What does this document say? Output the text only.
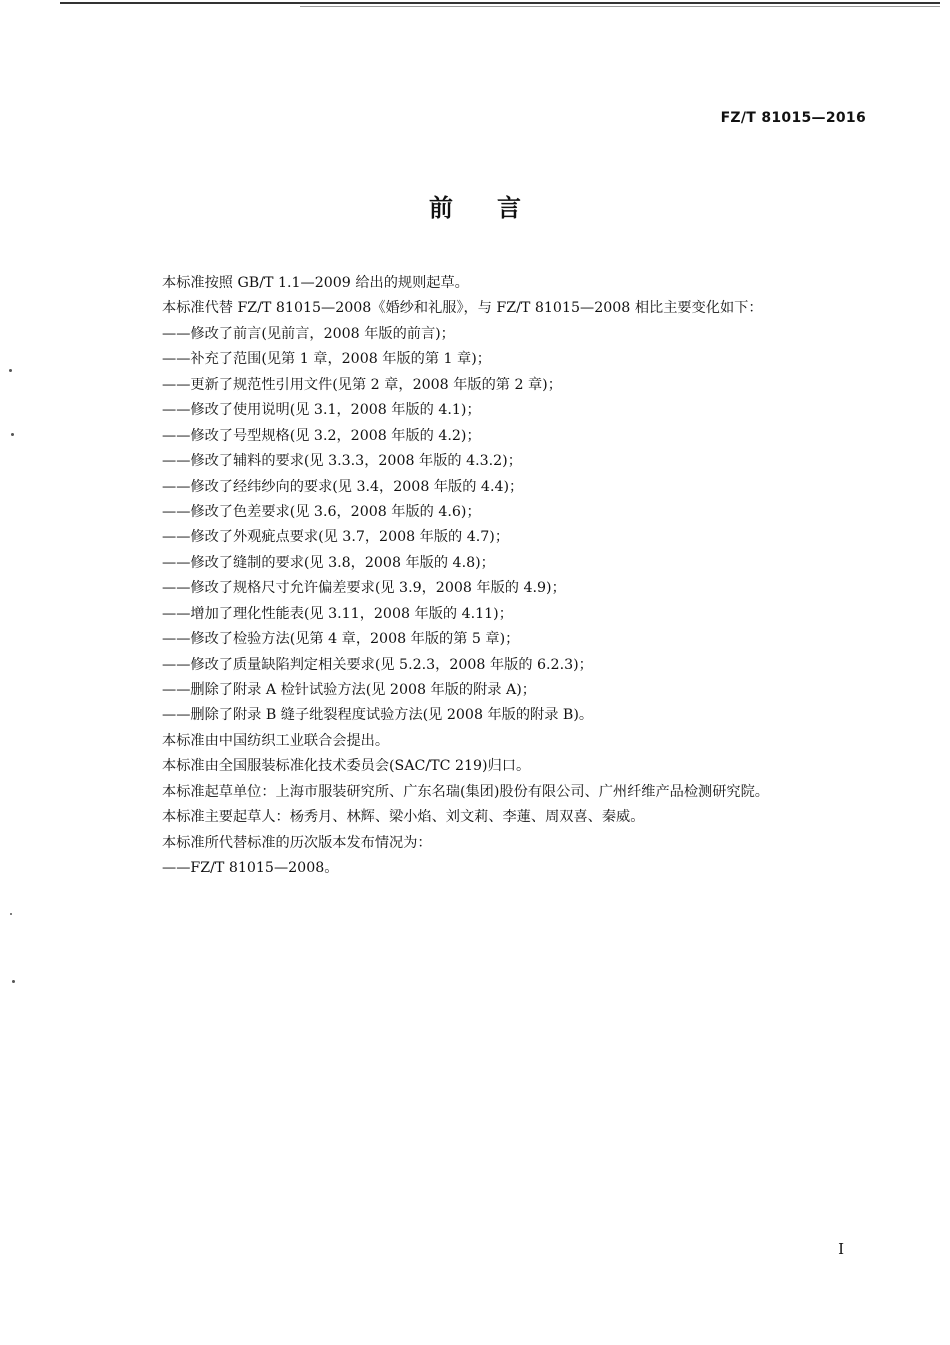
FZ/T 81015—2016
前言
本标准按照 GB/T 1.1—2009 给出的规则起草。
本标准代替 FZ/T 81015—2008《婚纱和礼服》，与 FZ/T 81015—2008 相比主要变化如下：
——修改了前言(见前言，2008 年版的前言)；
——补充了范围(见第 1 章，2008 年版的第 1 章)；
——更新了规范性引用文件(见第 2 章，2008 年版的第 2 章)；
——修改了使用说明(见 3.1，2008 年版的 4.1)；
——修改了号型规格(见 3.2，2008 年版的 4.2)；
——修改了辅料的要求(见 3.3.3，2008 年版的 4.3.2)；
——修改了经纬纱向的要求(见 3.4，2008 年版的 4.4)；
——修改了色差要求(见 3.6，2008 年版的 4.6)；
——修改了外观疵点要求(见 3.7，2008 年版的 4.7)；
——修改了缝制的要求(见 3.8，2008 年版的 4.8)；
——修改了规格尺寸允许偏差要求(见 3.9，2008 年版的 4.9)；
——增加了理化性能表(见 3.11，2008 年版的 4.11)；
——修改了检验方法(见第 4 章，2008 年版的第 5 章)；
——修改了质量缺陷判定相关要求(见 5.2.3，2008 年版的 6.2.3)；
——删除了附录 A 检针试验方法(见 2008 年版的附录 A)；
——删除了附录 B 缝子纰裂程度试验方法(见 2008 年版的附录 B)。
本标准由中国纺织工业联合会提出。
本标准由全国服装标准化技术委员会(SAC/TC 219)归口。
本标准起草单位：上海市服装研究所、广东名瑞(集团)股份有限公司、广州纤维产品检测研究院。
本标准主要起草人：杨秀月、林辉、梁小焰、刘文莉、李蓮、周双喜、秦威。
本标准所代替标准的历次版本发布情况为：
——FZ/T 81015—2008。
I
